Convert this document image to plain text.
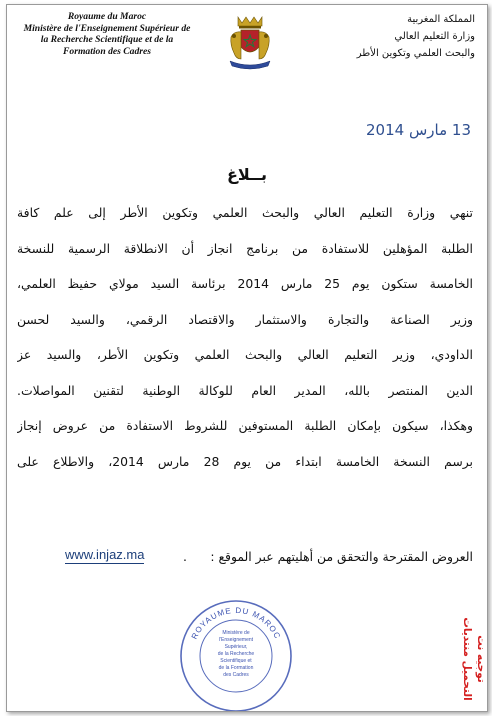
Royaume du Maroc
Ministère de l'Enseignement Supérieur de
la Recherche Scientifique et de la
Formation des Cadres
المملكة المغربية
وزارة التعليم العالي
والبحث العلمي وتكوين الأطر
13 مارس 2014
بــلاغ
تنهي وزارة التعليم العالي والبحث العلمي وتكوين الأطر إلى علم كافة
الطلبة المؤهلين للاستفادة من برنامج انجاز أن الانطلاقة الرسمية للنسخة
الخامسة ستكون يوم 25 مارس 2014 برئاسة السيد مولاي حفيظ العلمي،
وزير الصناعة والتجارة والاستثمار والاقتصاد الرقمي، والسيد لحسن
الداودي، وزير التعليم العالي والبحث العلمي وتكوين الأطر، والسيد عز
الدين المنتصر بالله، المدير العام للوكالة الوطنية لتقنين المواصلات.
وهكذا، سيكون بإمكان الطلبة المستوفين للشروط الاستفادة من عروض إنجاز
برسم النسخة الخامسة ابتداء من يوم 28 مارس 2014، والاطلاع على
العروض المقترحة والتحقق من أهليتهم عبر الموقع :
.
www.injaz.ma
ROYAUME DU MAROC
Ministère de
l'Enseignement
Supérieur,
de la Recherche
Scientifique et
de la Formation
des Cadres	التحميل منتديات توجيه نت
